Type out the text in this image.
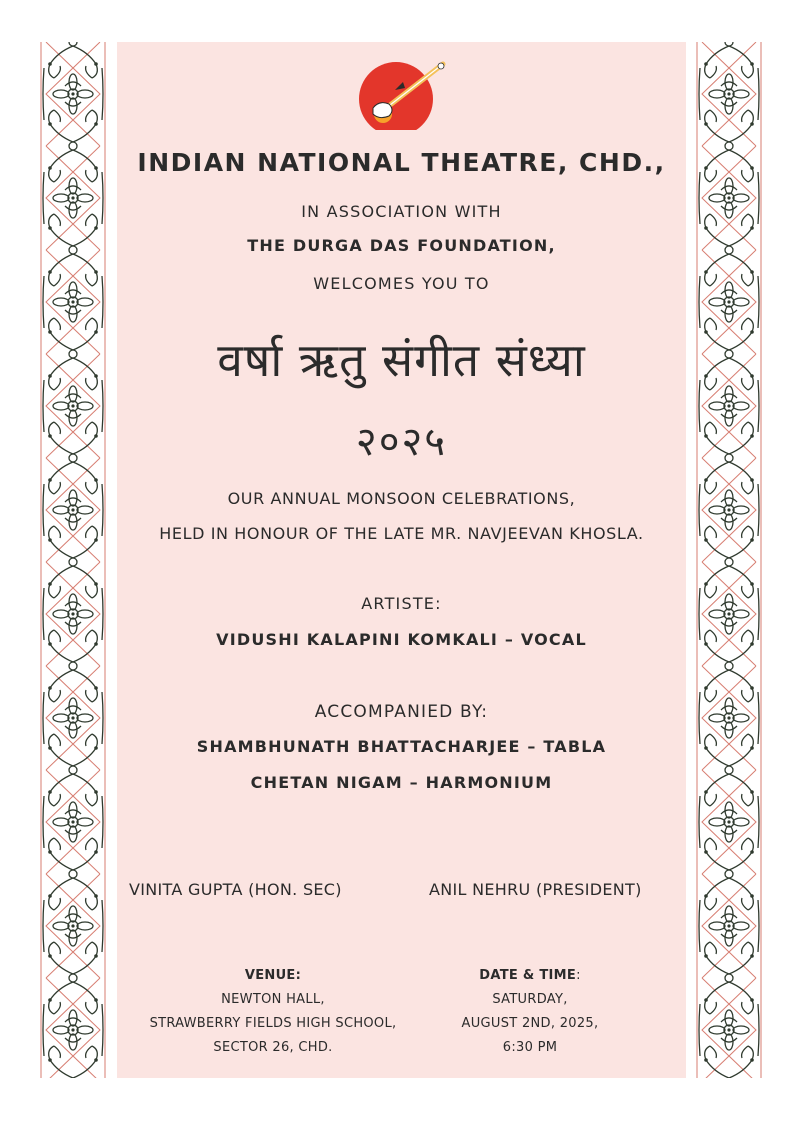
INDIAN NATIONAL THEATRE, CHD.,
IN ASSOCIATION WITH
THE DURGA DAS FOUNDATION,
WELCOMES YOU TO
वर्षा ऋतु संगीत संध्या
२०२५
OUR ANNUAL MONSOON CELEBRATIONS,
HELD IN HONOUR OF THE LATE MR. NAVJEEVAN KHOSLA.
ARTISTE:
VIDUSHI KALAPINI KOMKALI – VOCAL
ACCOMPANIED BY:
SHAMBHUNATH BHATTACHARJEE – TABLA
CHETAN NIGAM – HARMONIUM
VINITA GUPTA (HON. SEC)	ANIL NEHRU (PRESIDENT)
VENUE:
NEWTON HALL,
STRAWBERRY FIELDS HIGH SCHOOL,
SECTOR 26, CHD.
DATE & TIME:
SATURDAY,
AUGUST 2ND, 2025,
6:30 PM
